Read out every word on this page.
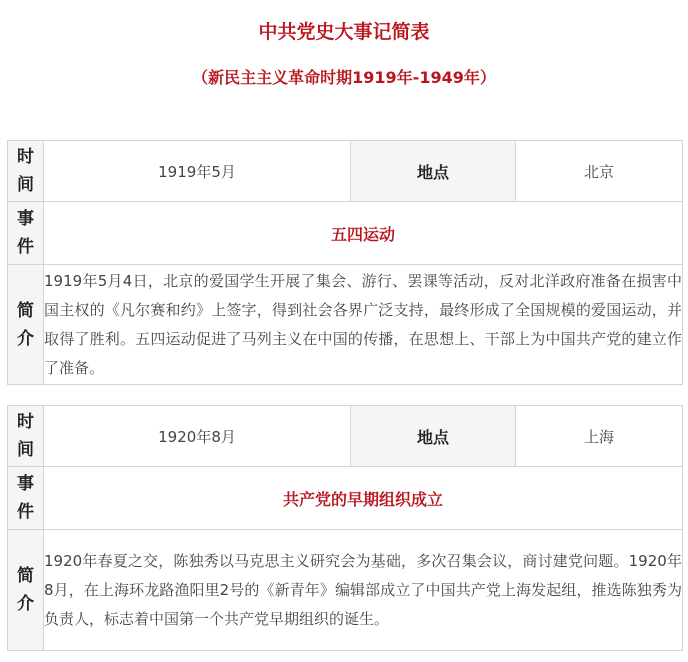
中共党史大事记简表
（新民主主义革命时期1919年-1949年）
时间	1919年5月	地点	北京

事件	五四运动		

简介	1919年5月4日，北京的爱国学生开展了集会、游行、罢课等活动，反对北洋政府准备在损害中国主权的《凡尔赛和约》上签字，得到社会各界广泛支持，最终形成了全国规模的爱国运动，并取得了胜利。五四运动促进了马列主义在中国的传播，在思想上、干部上为中国共产党的建立作了准备。		
时间	1920年8月	地点	上海

事件	共产党的早期组织成立		

简介	1920年春夏之交，陈独秀以马克思主义研究会为基础，多次召集会议，商讨建党问题。1920年8月，在上海环龙路渔阳里2号的《新青年》编辑部成立了中国共产党上海发起组，推选陈独秀为负责人，标志着中国第一个共产党早期组织的诞生。		
